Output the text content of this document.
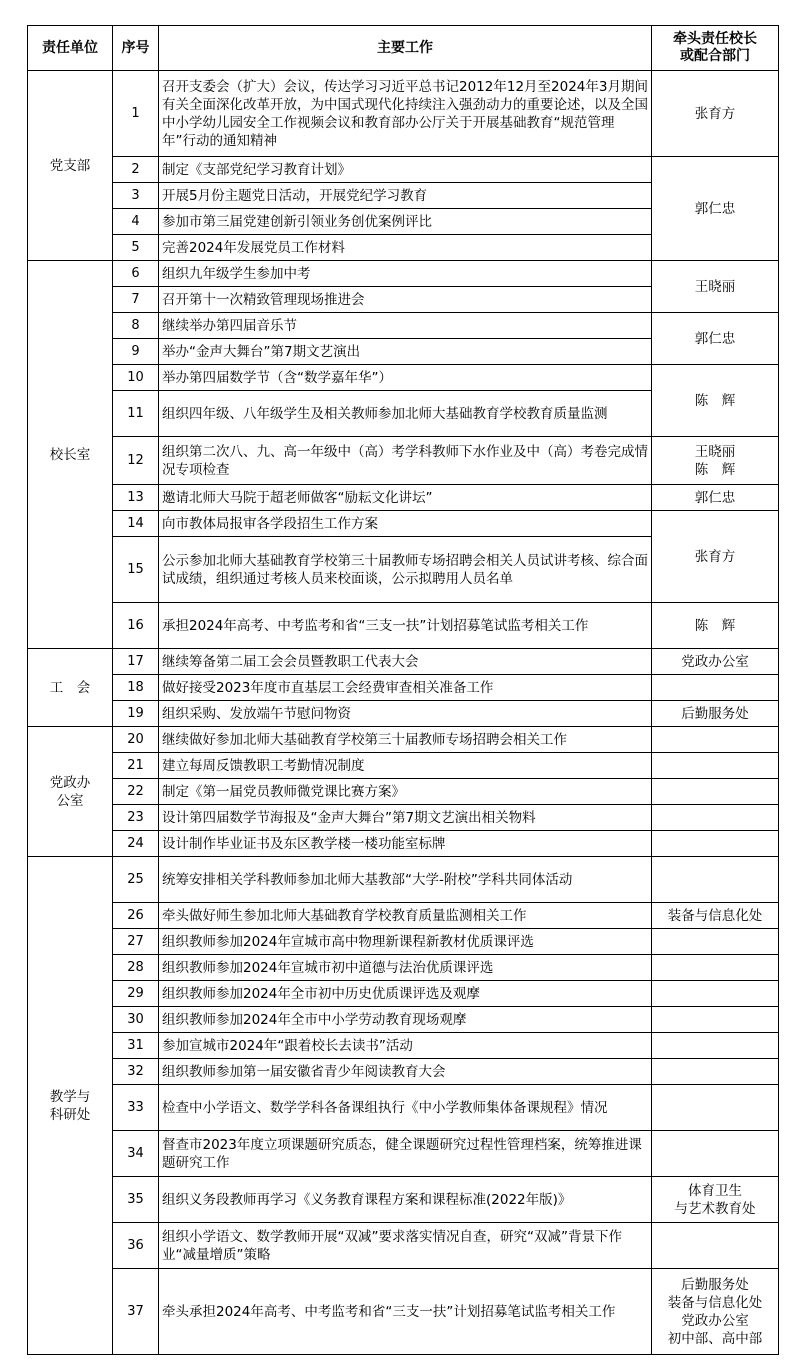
责任单位	序号	主要工作	牵头责任校长或配合部门

党支部	1	召开支委会（扩大）会议，传达学习习近平总书记2012年12月至2024年3月期间有关全面深化改革开放，为中国式现代化持续注入强劲动力的重要论述，以及全国中小学幼儿园安全工作视频会议和教育部办公厅关于开展基础教育“规范管理年”行动的通知精神	张育方
	2	制定《支部党纪学习教育计划》	郭仁忠
	3	开展5月份主题党日活动，开展党纪学习教育	
	4	参加市第三届党建创新引领业务创优案例评比	
	5	完善2024年发展党员工作材料	
校长室	6	组织九年级学生参加中考	王晓丽
	7	召开第十一次精致管理现场推进会	
	8	继续举办第四届音乐节	郭仁忠
	9	举办“金声大舞台”第7期文艺演出	
	10	举办第四届数学节（含“数学嘉年华”）	陈　辉
	11	组织四年级、八年级学生及相关教师参加北师大基础教育学校教育质量监测	
	12	组织第二次八、九、高一年级中（高）考学科教师下水作业及中（高）考卷完成情况专项检查	王晓丽
陈　辉
	13	邀请北师大马院于超老师做客“励耘文化讲坛”	郭仁忠
	14	向市教体局报审各学段招生工作方案	张育方
	15	公示参加北师大基础教育学校第三十届教师专场招聘会相关人员试讲考核、综合面试成绩，组织通过考核人员来校面谈，公示拟聘用人员名单	
	16	承担2024年高考、中考监考和省“三支一扶”计划招募笔试监考相关工作	陈　辉
工　会	17	继续筹备第二届工会会员暨教职工代表大会	党政办公室
	18	做好接受2023年度市直基层工会经费审查相关准备工作	
	19	组织采购、发放端午节慰问物资	后勤服务处

党政办公室	20	继续做好参加北师大基础教育学校第三十届教师专场招聘会相关工作	
	21	建立每周反馈教职工考勤情况制度	
	22	制定《第一届党员教师微党课比赛方案》	
	23	设计第四届数学节海报及“金声大舞台”第7期文艺演出相关物料	
	24	设计制作毕业证书及东区教学楼一楼功能室标牌	

教学与科研处	25	统筹安排相关学科教师参加北师大基教部“大学-附校”学科共同体活动	
	26	牵头做好师生参加北师大基础教育学校教育质量监测相关工作	装备与信息化处
	27	组织教师参加2024年宣城市高中物理新课程新教材优质课评选	
	28	组织教师参加2024年宣城市初中道德与法治优质课评选	
	29	组织教师参加2024年全市初中历史优质课评选及观摩	
	30	组织教师参加2024年全市中小学劳动教育现场观摩	
	31	参加宣城市2024年“跟着校长去读书”活动	
	32	组织教师参加第一届安徽省青少年阅读教育大会	
	33	检查中小学语文、数学学科各备课组执行《中小学教师集体备课规程》情况	
	34	督查市2023年度立项课题研究质态，健全课题研究过程性管理档案，统筹推进课题研究工作	
	35	组织义务段教师再学习《义务教育课程方案和课程标准(2022年版)》	体育卫生
与艺术教育处
	36	组织小学语文、数学教师开展“双减”要求落实情况自查，研究“双减”背景下作业“减量增质”策略	
	37	牵头承担2024年高考、中考监考和省“三支一扶”计划招募笔试监考相关工作	后勤服务处
装备与信息化处
党政办公室
初中部、高中部
